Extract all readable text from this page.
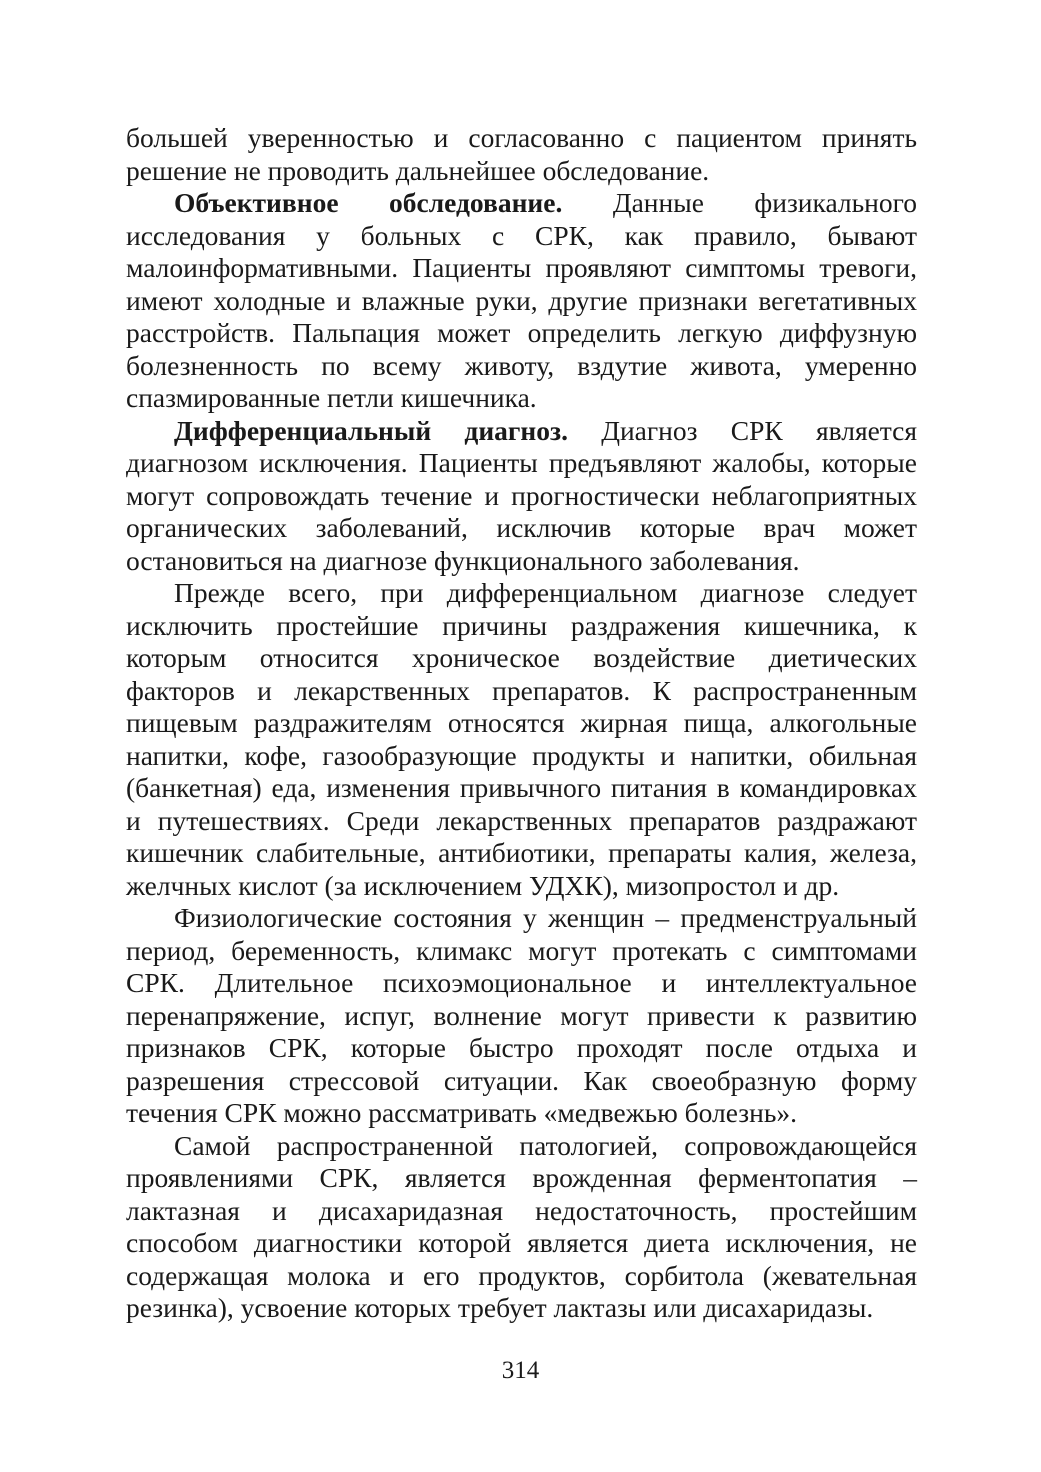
большей уверенностью и согласованно с пациентом принять решение не проводить дальнейшее обследование.

Объективное обследование. Данные физикального исследования у больных с СРК, как правило, бывают малоинформативными. Пациенты проявляют симптомы тревоги, имеют холодные и влажные руки, другие признаки вегетативных расстройств. Пальпация может определить легкую диффузную болезненность по всему животу, вздутие живота, умеренно спазмированные петли кишечника.

Дифференциальный диагноз. Диагноз СРК является диагнозом исключения. Пациенты предъявляют жалобы, которые могут сопровождать течение и прогностически неблагоприятных органических заболеваний, исключив которые врач может остановиться на диагнозе функционального заболевания.

Прежде всего, при дифференциальном диагнозе следует исключить простейшие причины раздражения кишечника, к которым относится хроническое воздействие диетических факторов и лекарственных препаратов. К распространенным пищевым раздражителям относятся жирная пища, алкогольные напитки, кофе, газообразующие продукты и напитки, обильная (банкетная) еда, изменения привычного питания в командировках и путешествиях. Среди лекарственных препаратов раздражают кишечник слабительные, антибиотики, препараты калия, железа, желчных кислот (за исключением УДХК), мизопростол и др.

Физиологические состояния у женщин – предменструальный период, беременность, климакс могут протекать с симптомами СРК. Длительное психоэмоциональное и интеллектуальное перенапряжение, испуг, волнение могут привести к развитию признаков СРК, которые быстро проходят после отдыха и разрешения стрессовой ситуации. Как своеобразную форму течения СРК можно рассматривать «медвежью болезнь».

Самой распространенной патологией, сопровождающейся проявлениями СРК, является врожденная ферментопатия – лактазная и дисахаридазная недостаточность, простейшим способом диагностики которой является диета исключения, не содержащая молока и его продуктов, сорбитола (жевательная резинка), усвоение которых требует лактазы или дисахаридазы.

314
